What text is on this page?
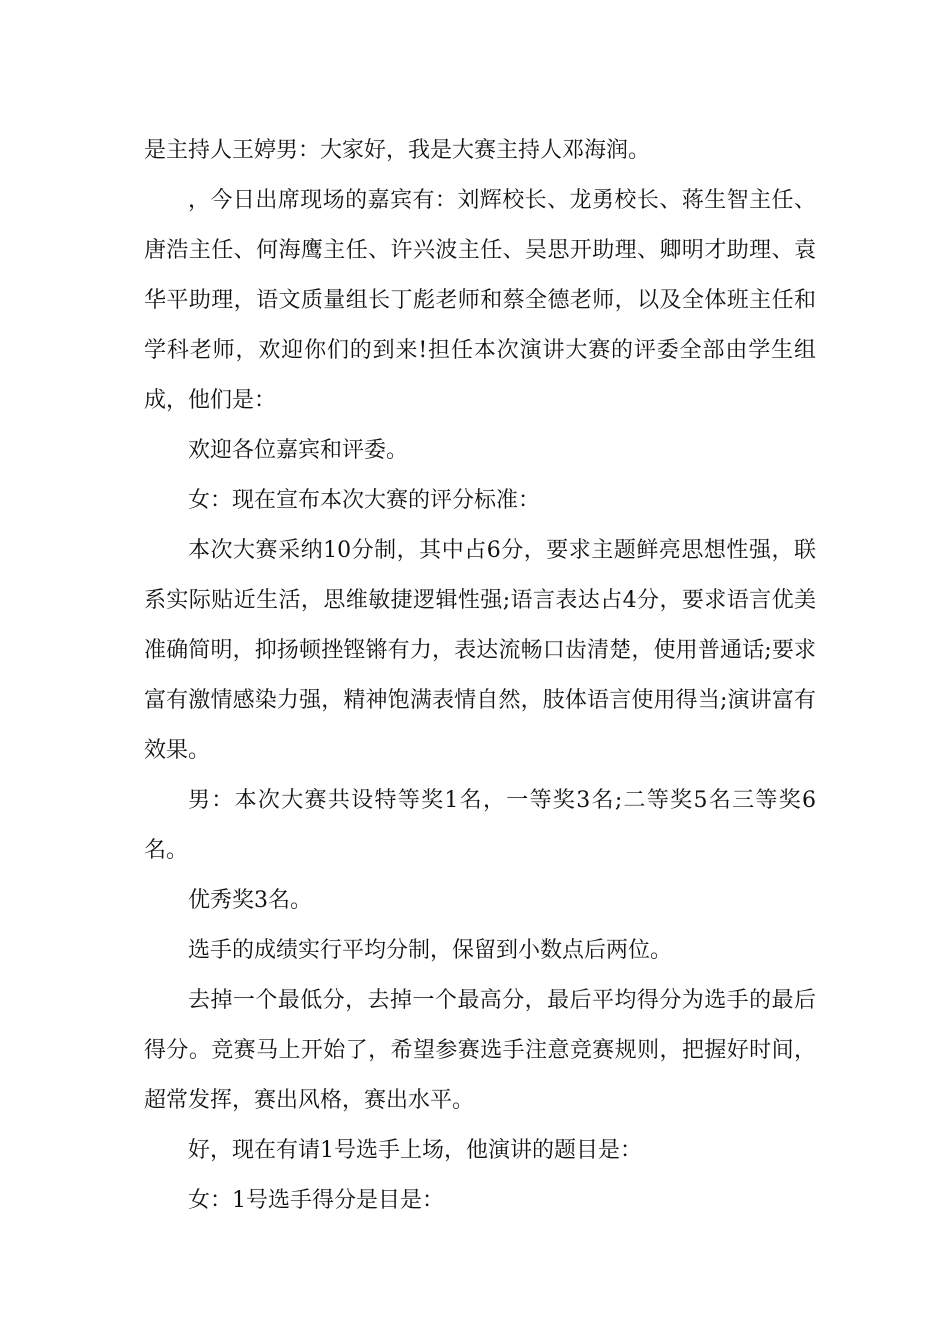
是主持人王婷男：大家好，我是大赛主持人邓海润。

，今日出席现场的嘉宾有：刘辉校长、龙勇校长、蒋生智主任、唐浩主任、何海鹰主任、许兴波主任、吴思开助理、卿明才助理、袁华平助理，语文质量组长丁彪老师和蔡全德老师，以及全体班主任和学科老师，欢迎你们的到来!担任本次演讲大赛的评委全部由学生组成，他们是：

欢迎各位嘉宾和评委。

女：现在宣布本次大赛的评分标准：

本次大赛采纳10分制，其中占6分，要求主题鲜亮思想性强，联系实际贴近生活，思维敏捷逻辑性强;语言表达占4分，要求语言优美准确简明，抑扬顿挫铿锵有力，表达流畅口齿清楚，使用普通话;要求富有激情感染力强，精神饱满表情自然，肢体语言使用得当;演讲富有效果。

男：本次大赛共设特等奖1名，一等奖3名;二等奖5名三等奖6名。

优秀奖3名。

选手的成绩实行平均分制，保留到小数点后两位。

去掉一个最低分，去掉一个最高分，最后平均得分为选手的最后得分。竞赛马上开始了，希望参赛选手注意竞赛规则，把握好时间，超常发挥，赛出风格，赛出水平。

好，现在有请1号选手上场，他演讲的题目是：

女：1号选手得分是目是：
